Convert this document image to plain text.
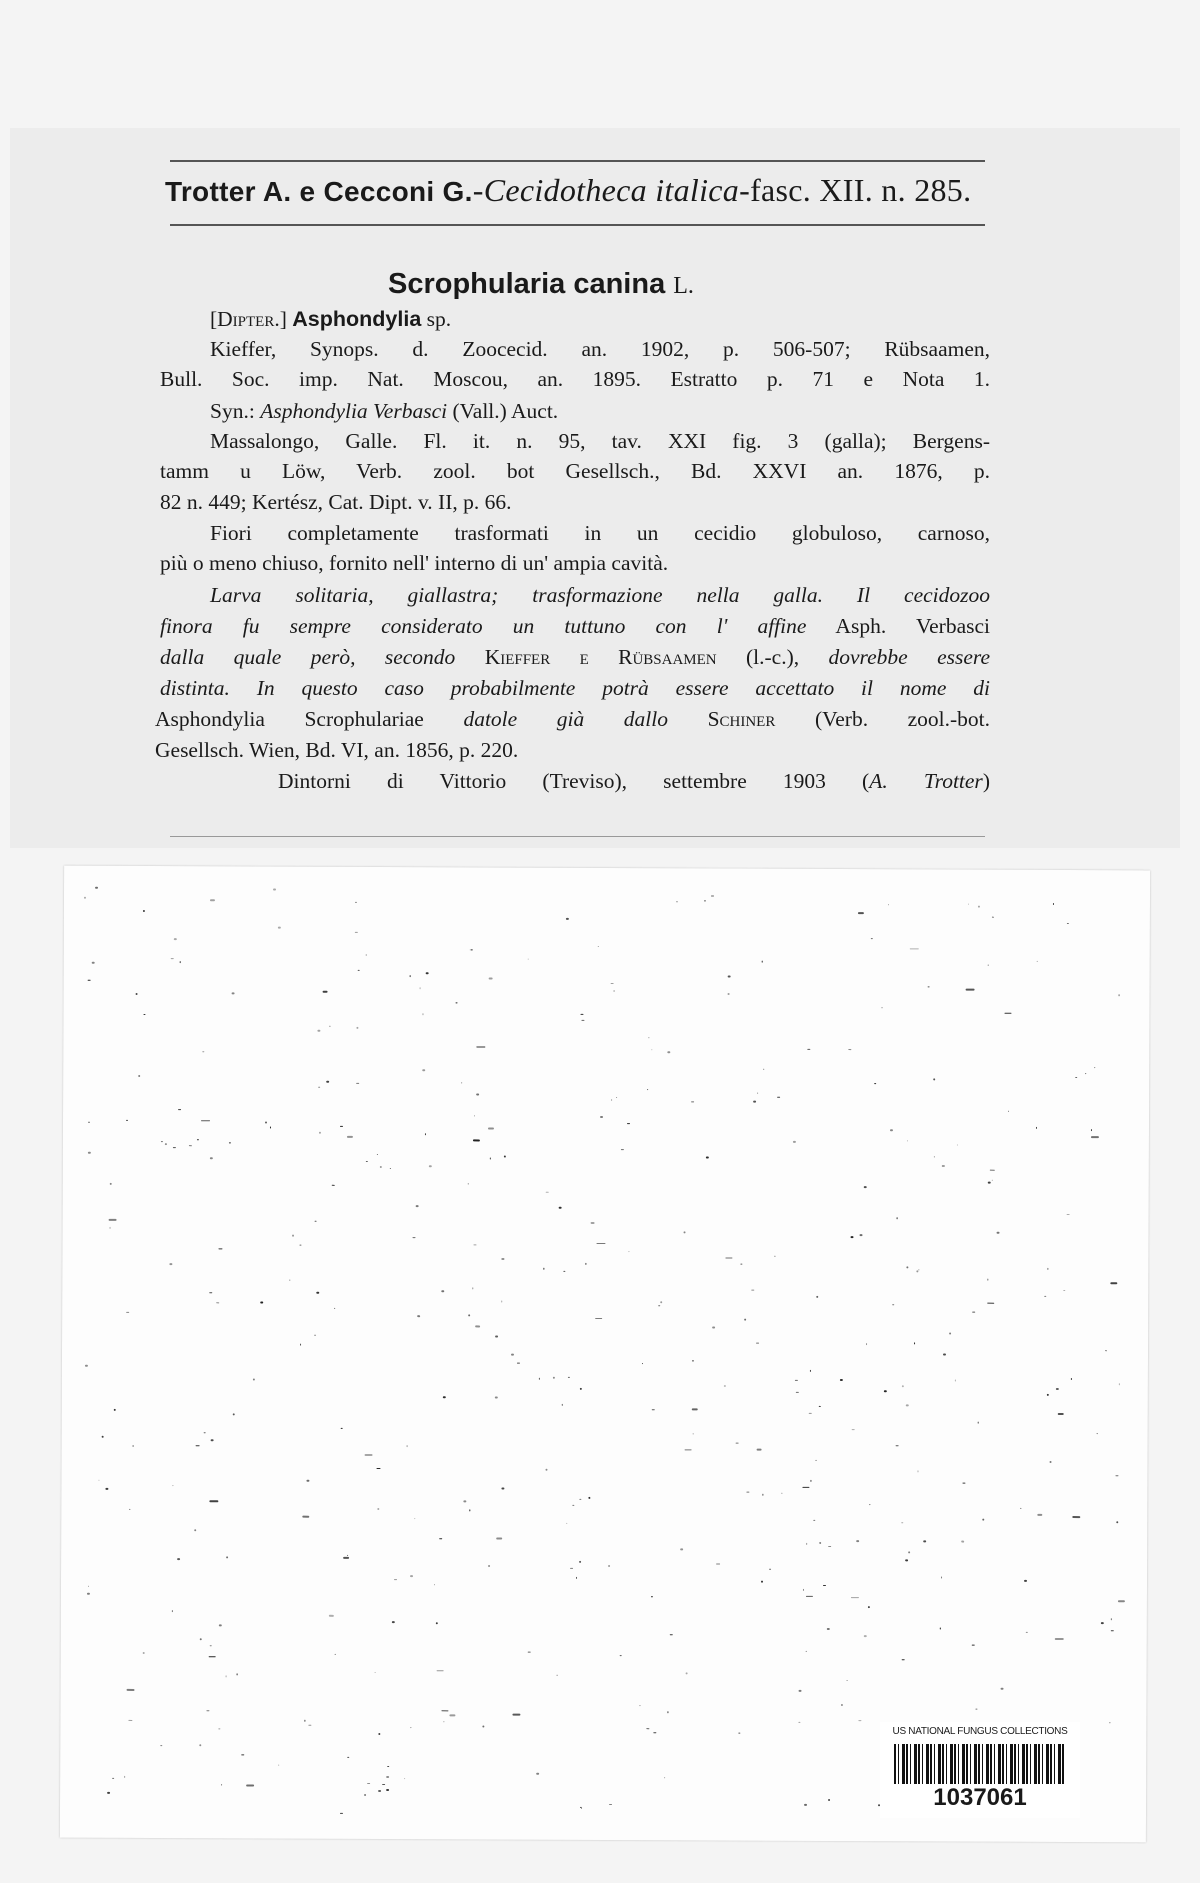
Trotter A. e Cecconi G.-Cecidotheca italica-fasc. XII. n. 285.
Scrophularia canina L.
[Dipter.] Asphondylia sp.
Kieffer, Synops. d. Zoocecid. an. 1902, p. 506-507; Rübsaamen,
Bull. Soc. imp. Nat. Moscou, an. 1895. Estratto p. 71 e Nota 1.
Syn.: Asphondylia Verbasci (Vall.) Auct.
Massalongo, Galle. Fl. it. n. 95, tav. XXI fig. 3 (galla); Bergens-
tamm u Löw, Verb. zool. bot Gesellsch., Bd. XXVI an. 1876, p.
82 n. 449; Kertész, Cat. Dipt. v. II, p. 66.
Fiori completamente trasformati in un cecidio globuloso, carnoso,
più o meno chiuso, fornito nell' interno di un' ampia cavità.
Larva solitaria, giallastra; trasformazione nella galla. Il cecidozoo
finora fu sempre considerato un tuttuno con l' affine Asph. Verbasci
dalla quale però, secondo Kieffer e Rübsaamen (l.-c.), dovrebbe essere
distinta. In questo caso probabilmente potrà essere accettato il nome di
Asphondylia Scrophulariae datole già dallo Schiner (Verb. zool.-bot.
Gesellsch. Wien, Bd. VI, an. 1856, p. 220.
Dintorni di Vittorio (Treviso), settembre 1903 (A. Trotter)
US NATIONAL FUNGUS COLLECTIONS
1037061
